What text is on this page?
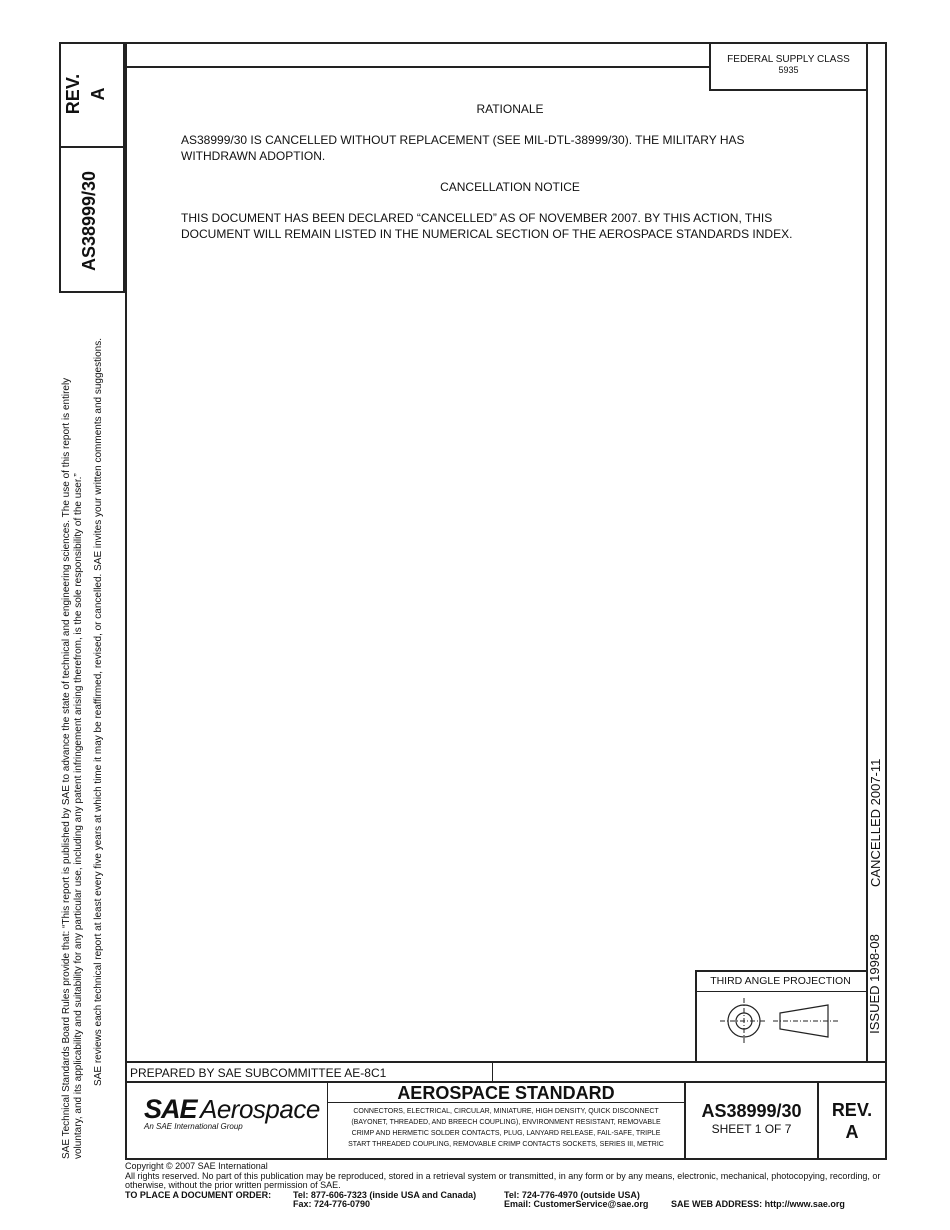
REV. A
AS38999/30
SAE Technical Standards Board Rules provide that: “This report is published by SAE to advance the state of technical and engineering sciences. The use of this report is entirely voluntary, and its applicability and suitability for any particular use, including any patent infringement arising therefrom, is the sole responsibility of the user.” SAE reviews each technical report at least every five years at which time it may be reaffirmed, revised, or cancelled. SAE invites your written comments and suggestions.
FEDERAL SUPPLY CLASS
5935
CANCELLED 2007-11
ISSUED 1998-08
RATIONALE
AS38999/30 IS CANCELLED WITHOUT REPLACEMENT (SEE MIL-DTL-38999/30). THE MILITARY HAS
WITHDRAWN ADOPTION.
CANCELLATION NOTICE
THIS DOCUMENT HAS BEEN DECLARED “CANCELLED” AS OF NOVEMBER 2007. BY THIS ACTION, THIS
DOCUMENT WILL REMAIN LISTED IN THE NUMERICAL SECTION OF THE AEROSPACE STANDARDS INDEX.
THIRD ANGLE PROJECTION
PREPARED BY SAE SUBCOMMITTEE AE-8C1
SAE Aerospace
An SAE International Group
AEROSPACE STANDARD
CONNECTORS, ELECTRICAL, CIRCULAR, MINIATURE, HIGH DENSITY, QUICK DISCONNECT
(BAYONET, THREADED, AND BREECH COUPLING), ENVIRONMENT RESISTANT, REMOVABLE
CRIMP AND HERMETIC SOLDER CONTACTS, PLUG, LANYARD RELEASE, FAIL-SAFE, TRIPLE
START THREADED COUPLING, REMOVABLE CRIMP CONTACTS SOCKETS, SERIES III, METRIC
AS38999/30
SHEET 1 OF 7
REV.
A
Copyright © 2007 SAE International
All rights reserved. No part of this publication may be reproduced, stored in a retrieval system or transmitted, in any form or by any means, electronic, mechanical, photocopying, recording, or
otherwise, without the prior written permission of SAE.
TO PLACE A DOCUMENT ORDER: Tel: 877-606-7323 (inside USA and Canada)
Fax: 724-776-0790
Tel: 724-776-4970 (outside USA)
Email: CustomerService@sae.org	SAE WEB ADDRESS: http://www.sae.org
